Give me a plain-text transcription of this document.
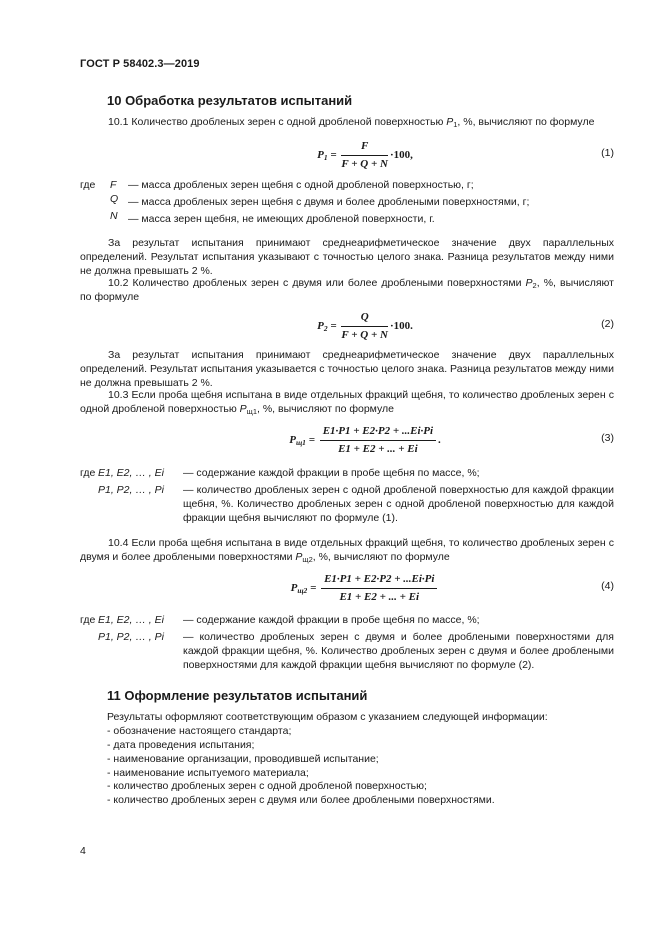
ГОСТ Р 58402.3—2019
10 Обработка результатов испытаний
10.1 Количество дробленых зерен с одной дробленой поверхностью $P_1$, %, вычисляют по формуле
$P_1 = \frac{F}{F + Q + N} \cdot 100$,	(1)
где	F	— масса дробленых зерен щебня с одной дробленой поверхностью, г;
	Q	— масса дробленых зерен щебня с двумя и более дроблеными поверхностями, г;
	N	— масса зерен щебня, не имеющих дробленой поверхности, г.
За результат испытания принимают среднеарифметическое значение двух параллельных определений. Результат испытания указывают с точностью целого знака. Разница результатов между ними не должна превышать 2 %.
10.2 Количество дробленых зерен с двумя или более дроблеными поверхностями $P_2$, %, вычисляют по формуле
$P_2 = \frac{Q}{F + Q + N} \cdot 100$.	(2)
За результат испытания принимают среднеарифметическое значение двух параллельных определений. Результат испытания указывается с точностью целого знака. Разница результатов между ними не должна превышать 2 %.
10.3 Если проба щебня испытана в виде отдельных фракций щебня, то количество дробленых зерен с одной дробленой поверхностью $P_{щ1}$, %, вычисляют по формуле
$P_{щ1} = \frac{E1\cdot P1 + E2\cdot P2 + ...Ei\cdot Pi}{E1 + E2 + ... + Ei}$ .	(3)
где	E1, E2, … , Ei	— содержание каждой фракции в пробе щебня по массе, %;
	P1, P2, … , Pi	— количество дробленых зерен с одной дробленой поверхностью для каждой фракции щебня, %. Количество дробленых зерен с одной дробленой поверхностью для каждой фракции щебня вычисляют по формуле (1).
10.4 Если проба щебня испытана в виде отдельных фракций щебня, то количество дробленых зерен с двумя и более дроблеными поверхностями $P_{щ2}$, %, вычисляют по формуле
$P_{щ2} = \frac{E1\cdot P1 + E2\cdot P2 + ...Ei\cdot Pi}{E1 + E2 + ... + Ei}$	(4)
где	E1, E2, … , Ei	— содержание каждой фракции в пробе щебня по массе, %;
	P1, P2, … , Pi	— количество дробленых зерен с двумя и более дроблеными поверхностями для каждой фракции щебня, %. Количество дробленых зерен с двумя и более дроблеными поверхностями для каждой фракции щебня вычисляют по формуле (2).
11 Оформление результатов испытаний
Результаты оформляют соответствующим образом с указанием следующей информации:
- обозначение настоящего стандарта;
- дата проведения испытания;
- наименование организации, проводившей испытание;
- наименование испытуемого материала;
- количество дробленых зерен с одной дробленой поверхностью;
- количество дробленых зерен с двумя или более дроблеными поверхностями.
4
